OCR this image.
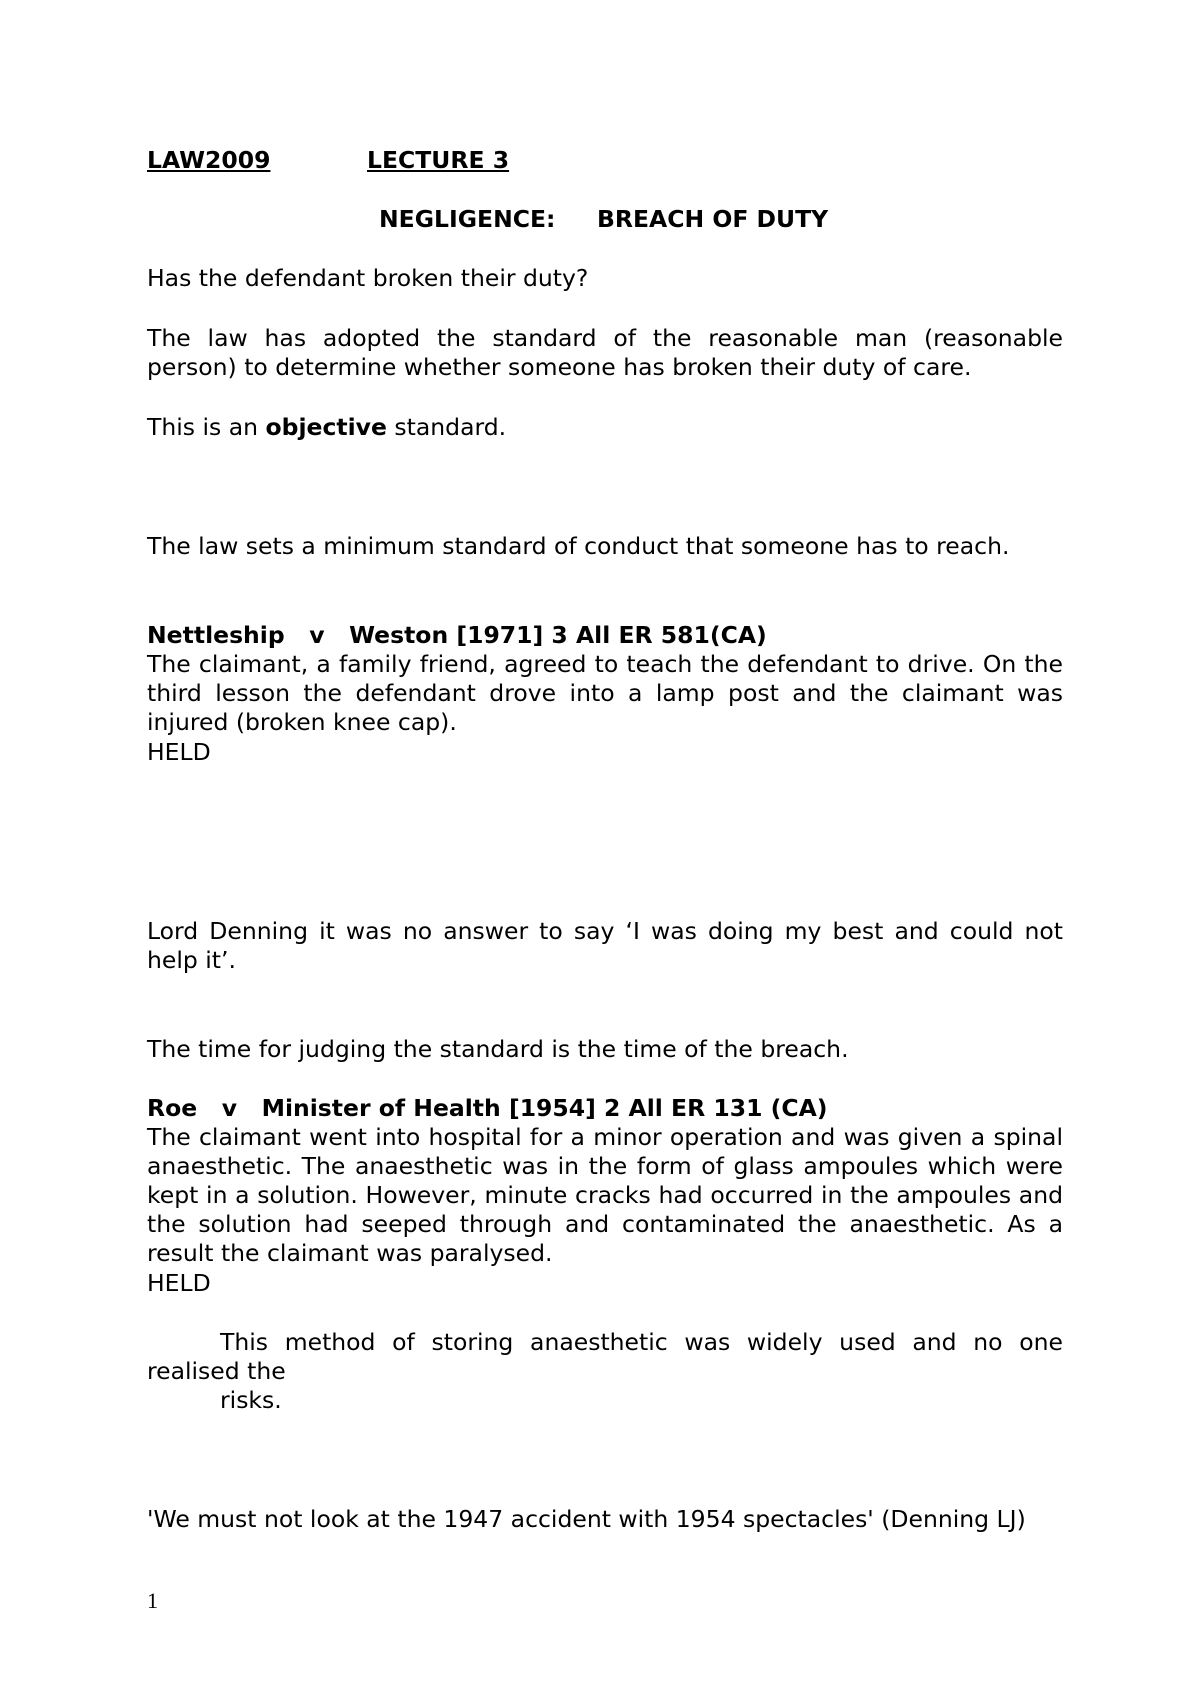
LAW2009	LECTURE 3
NEGLIGENCE: BREACH OF DUTY

Has the defendant broken their duty?

The law has adopted the standard of the reasonable man (reasonable person) to determine whether someone has broken their duty of care.

This is an objective standard.

The law sets a minimum standard of conduct that someone has to reach.

Nettleship   v   Weston [1971] 3 All ER 581(CA)

The claimant, a family friend, agreed to teach the defendant to drive. On the third lesson the defendant drove into a lamp post and the claimant was injured (broken knee cap).

HELD

Lord Denning it was no answer to say ‘I was doing my best and could not help it’.

The time for judging the standard is the time of the breach.

Roe   v   Minister of Health [1954] 2 All ER 131 (CA)

The claimant went into hospital for a minor operation and was given a spinal anaesthetic. The anaesthetic was in the form of glass ampoules which were kept in a solution. However, minute cracks had occurred in the ampoules and the solution had seeped through and contaminated the anaesthetic. As a result the claimant was paralysed.

HELD

This method of storing anaesthetic was widely used and no one realised the

risks.

'We must not look at the 1947 accident with 1954 spectacles' (Denning LJ)

1
